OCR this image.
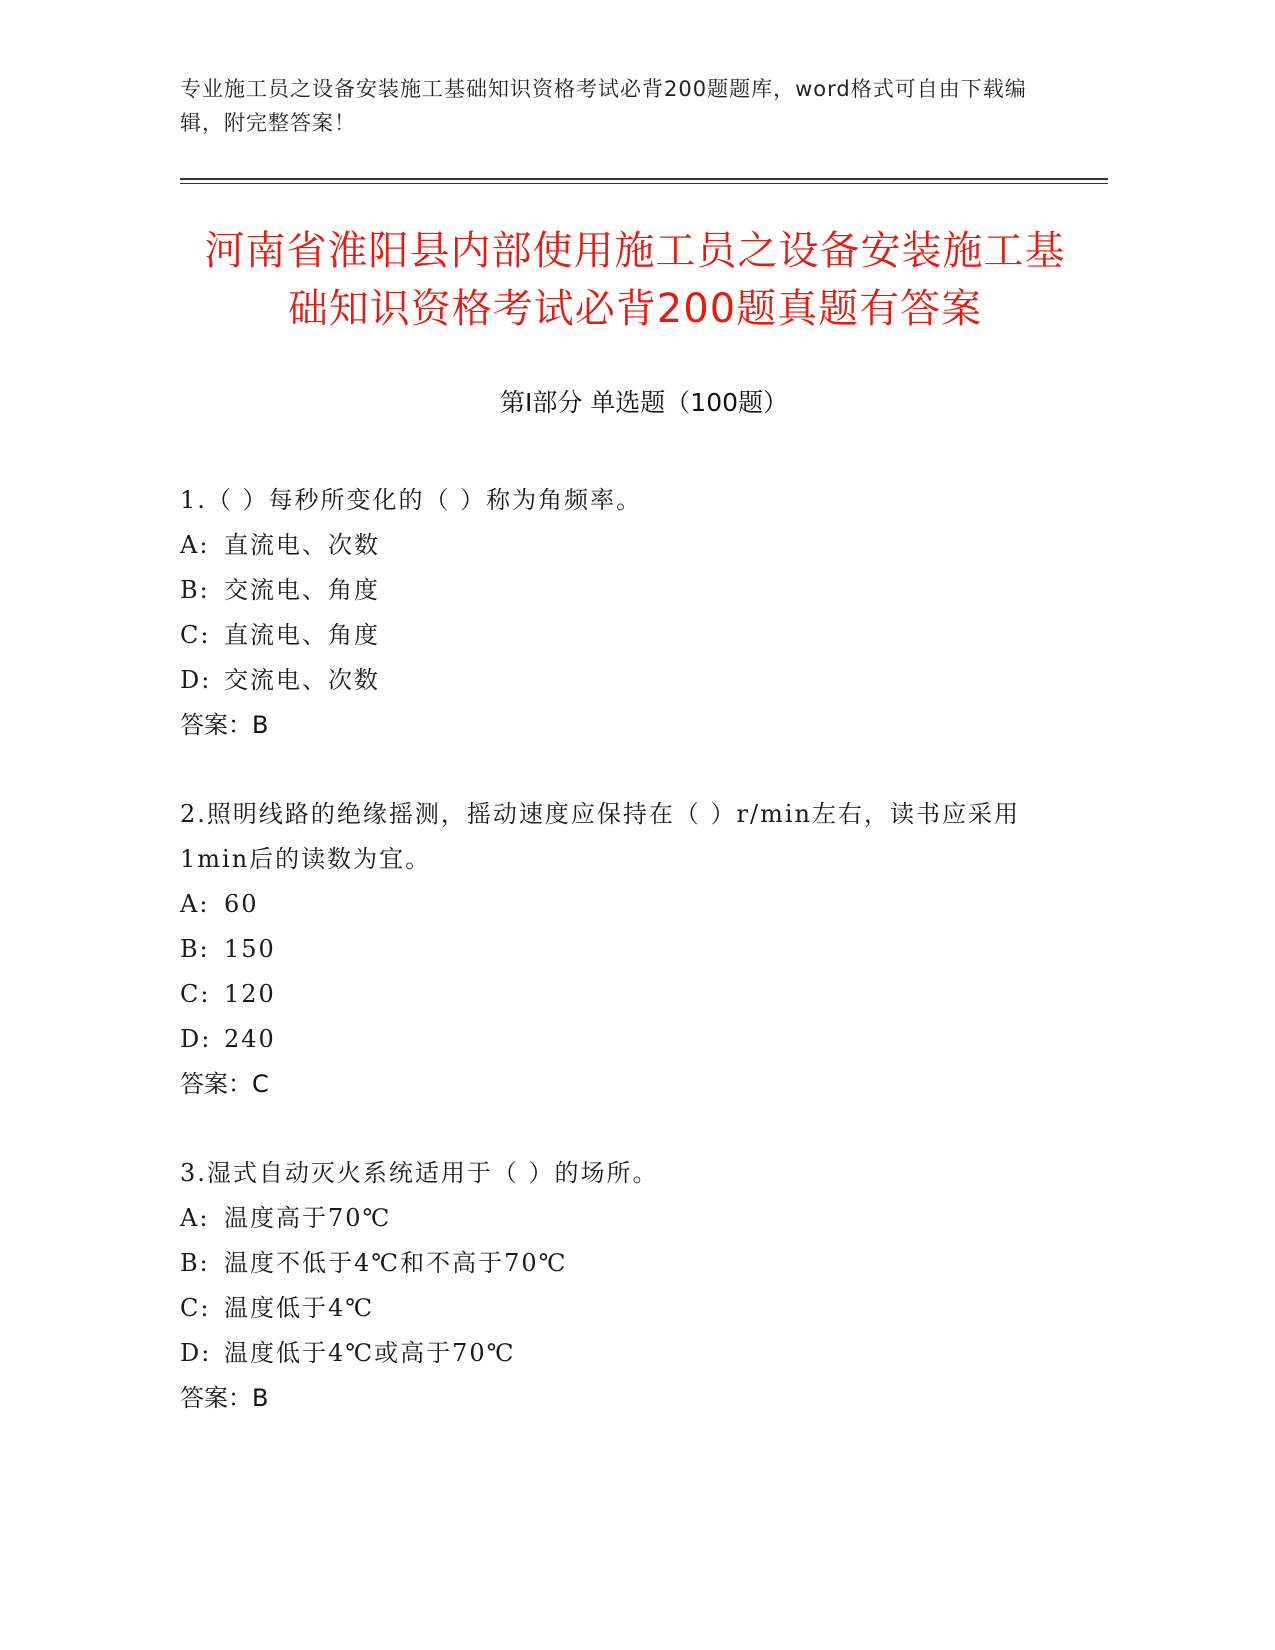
专业施工员之设备安装施工基础知识资格考试必背200题题库，word格式可自由下载编辑，附完整答案！
河南省淮阳县内部使用施工员之设备安装施工基础知识资格考试必背200题真题有答案
第Ⅰ部分 单选题（100题）
1.（ ）每秒所变化的（ ）称为角频率。
A: 直流电、次数
B: 交流电、角度
C: 直流电、角度
D: 交流电、次数
答案：B
2.照明线路的绝缘摇测，摇动速度应保持在（ ）r/min左右，读书应采用1min后的读数为宜。
A: 60
B: 150
C: 120
D: 240
答案：C
3.湿式自动灭火系统适用于（ ）的场所。
A: 温度高于70℃
B: 温度不低于4℃和不高于70℃
C: 温度低于4℃
D: 温度低于4℃或高于70℃
答案：B
